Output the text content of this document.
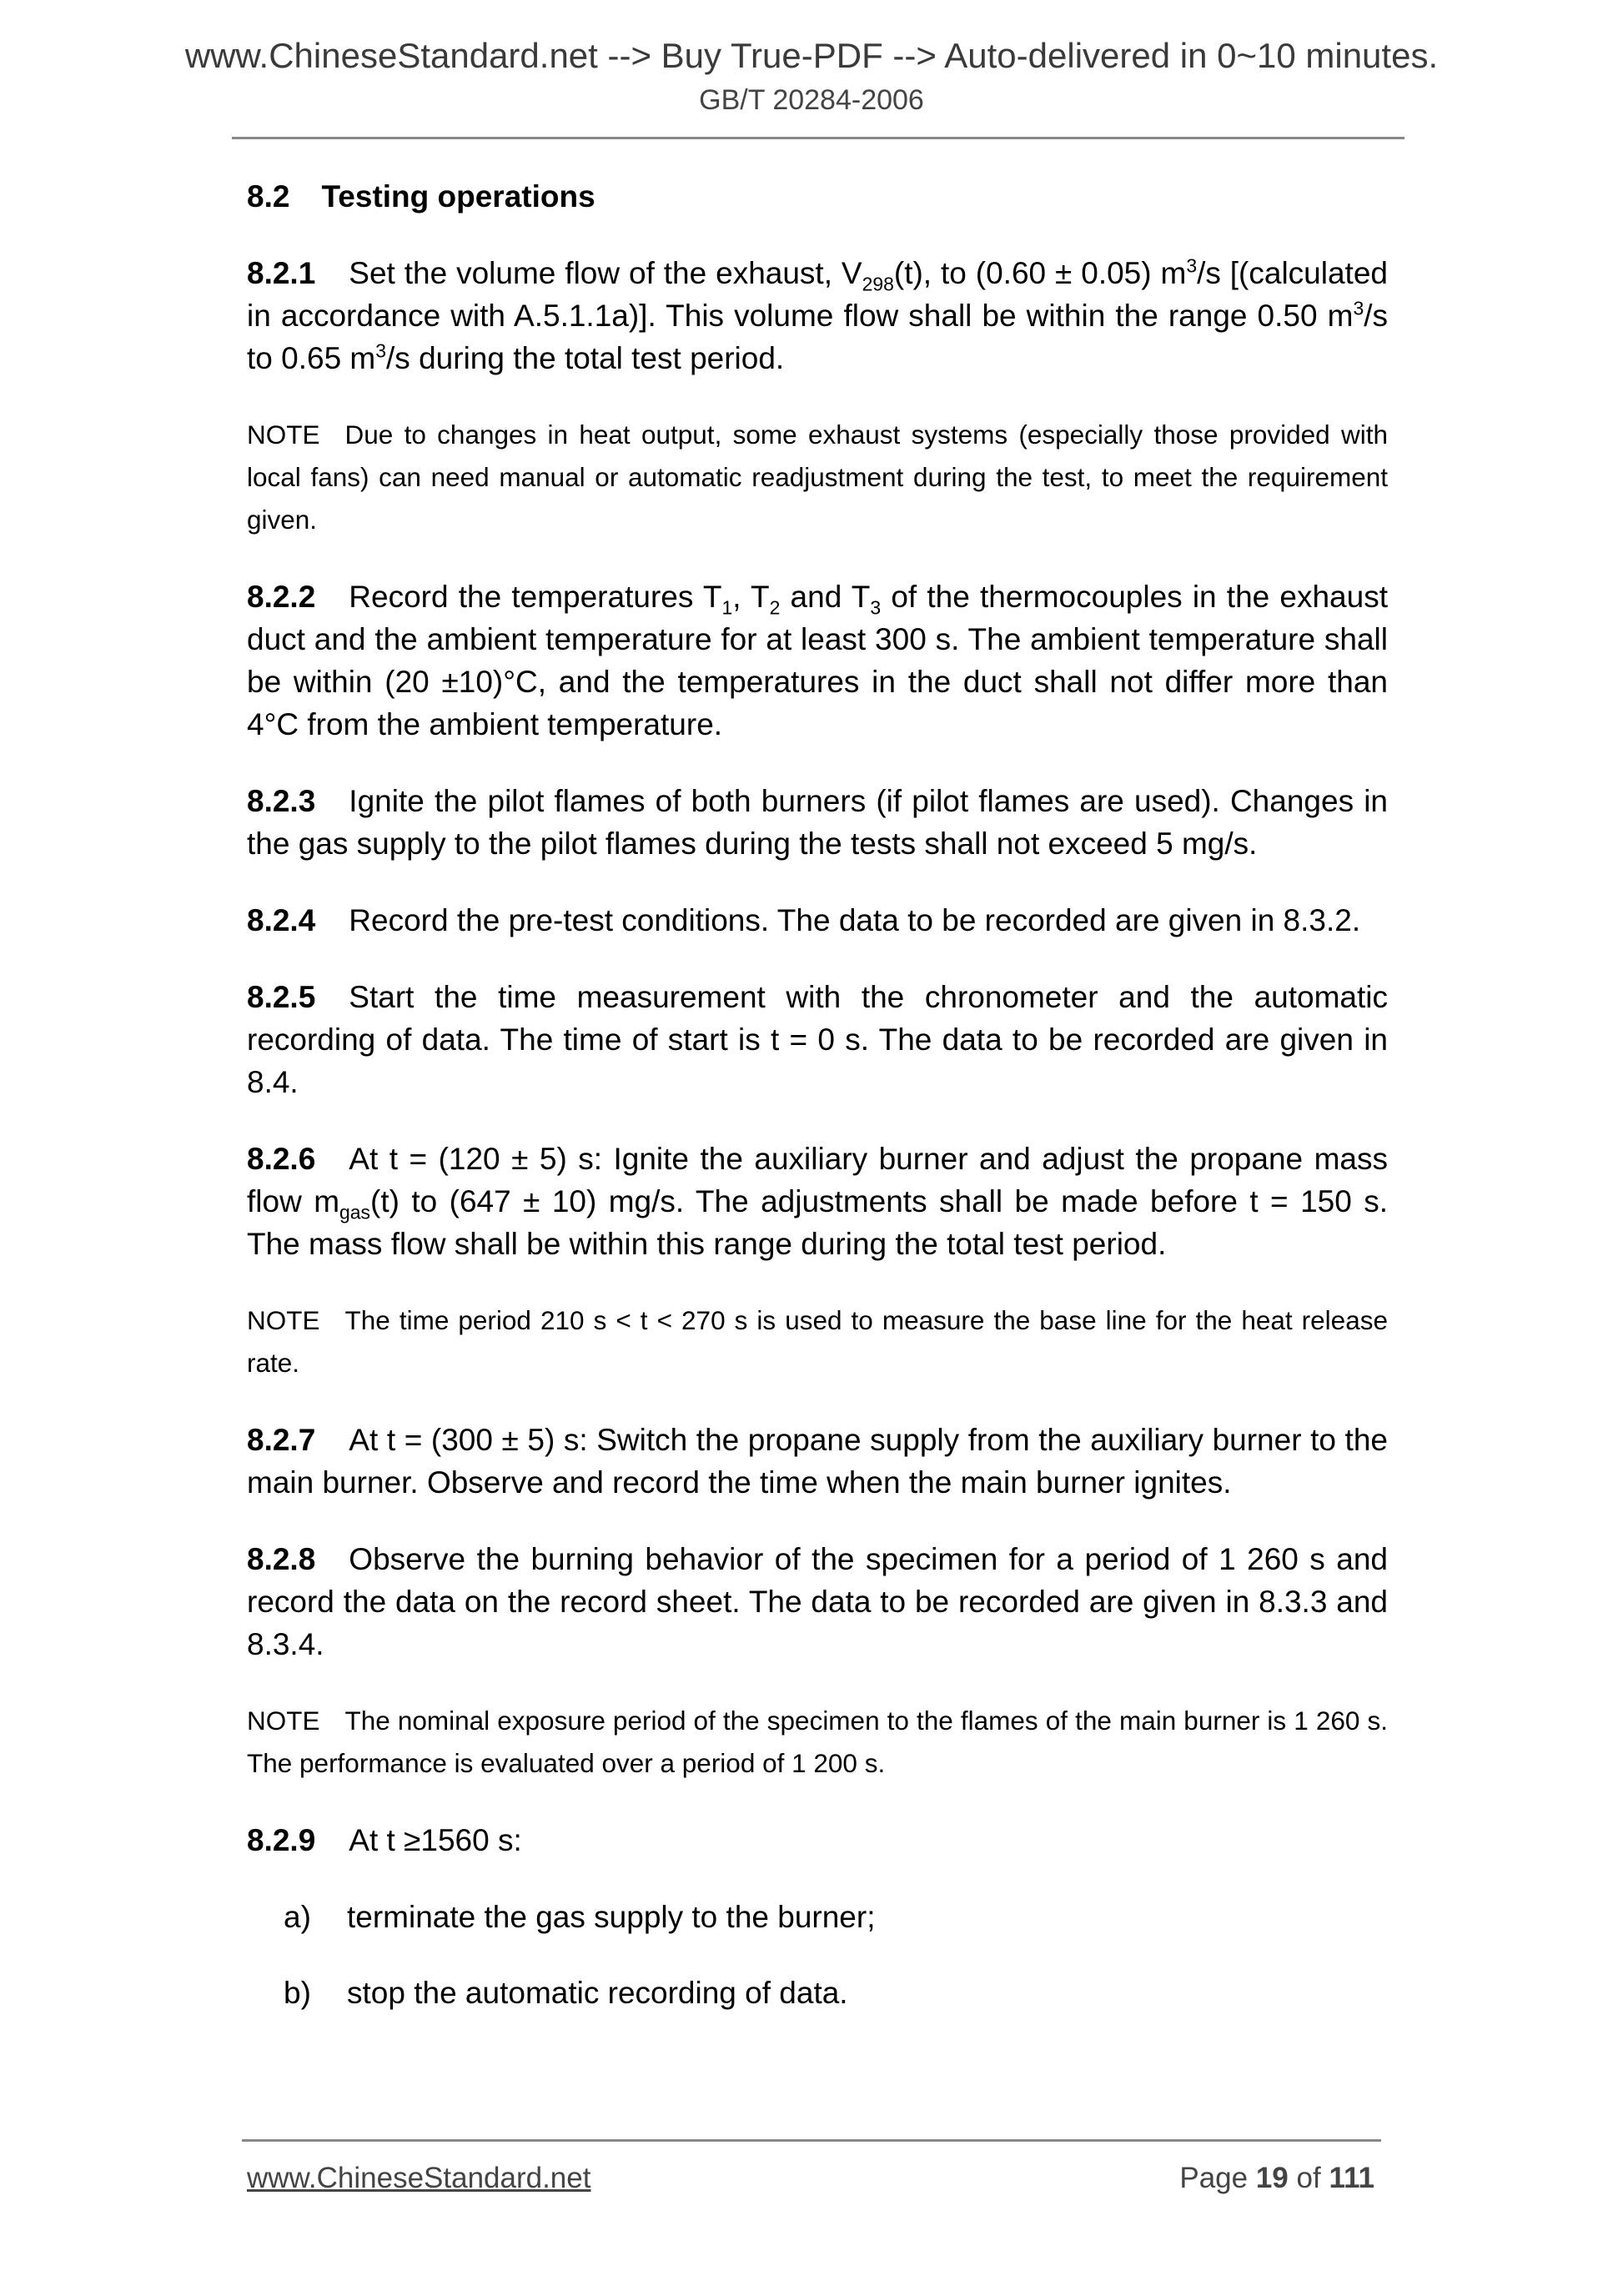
www.ChineseStandard.net --> Buy True-PDF --> Auto-delivered in 0~10 minutes.
GB/T 20284-2006
8.2 Testing operations
8.2.1 Set the volume flow of the exhaust, $V_{298}(t)$, to (0.60 ± 0.05) $m^3/s$ [(calculated in accordance with A.5.1.1a)]. This volume flow shall be within the range 0.50 $m^3/s$ to 0.65 $m^3/s$ during the total test period.
NOTE Due to changes in heat output, some exhaust systems (especially those provided with local fans) can need manual or automatic readjustment during the test, to meet the requirement given.
8.2.2 Record the temperatures $T_1$, $T_2$ and $T_3$ of the thermocouples in the exhaust duct and the ambient temperature for at least 300 s. The ambient temperature shall be within (20 ±10)°C, and the temperatures in the duct shall not differ more than 4°C from the ambient temperature.
8.2.3 Ignite the pilot flames of both burners (if pilot flames are used). Changes in the gas supply to the pilot flames during the tests shall not exceed 5 mg/s.
8.2.4 Record the pre-test conditions. The data to be recorded are given in 8.3.2.
8.2.5 Start the time measurement with the chronometer and the automatic recording of data. The time of start is t = 0 s. The data to be recorded are given in 8.4.
8.2.6 At t = (120 ± 5) s: Ignite the auxiliary burner and adjust the propane mass flow $m_{gas}(t)$ to (647 ± 10) mg/s. The adjustments shall be made before t = 150 s. The mass flow shall be within this range during the total test period.
NOTE The time period 210 s < t < 270 s is used to measure the base line for the heat release rate.
8.2.7 At t = (300 ± 5) s: Switch the propane supply from the auxiliary burner to the main burner. Observe and record the time when the main burner ignites.
8.2.8 Observe the burning behavior of the specimen for a period of 1 260 s and record the data on the record sheet. The data to be recorded are given in 8.3.3 and 8.3.4.
NOTE The nominal exposure period of the specimen to the flames of the main burner is 1 260 s. The performance is evaluated over a period of 1 200 s.
8.2.9 At t ≥1560 s:
a) terminate the gas supply to the burner;
b) stop the automatic recording of data.
www.ChineseStandard.net	Page 19 of 111
